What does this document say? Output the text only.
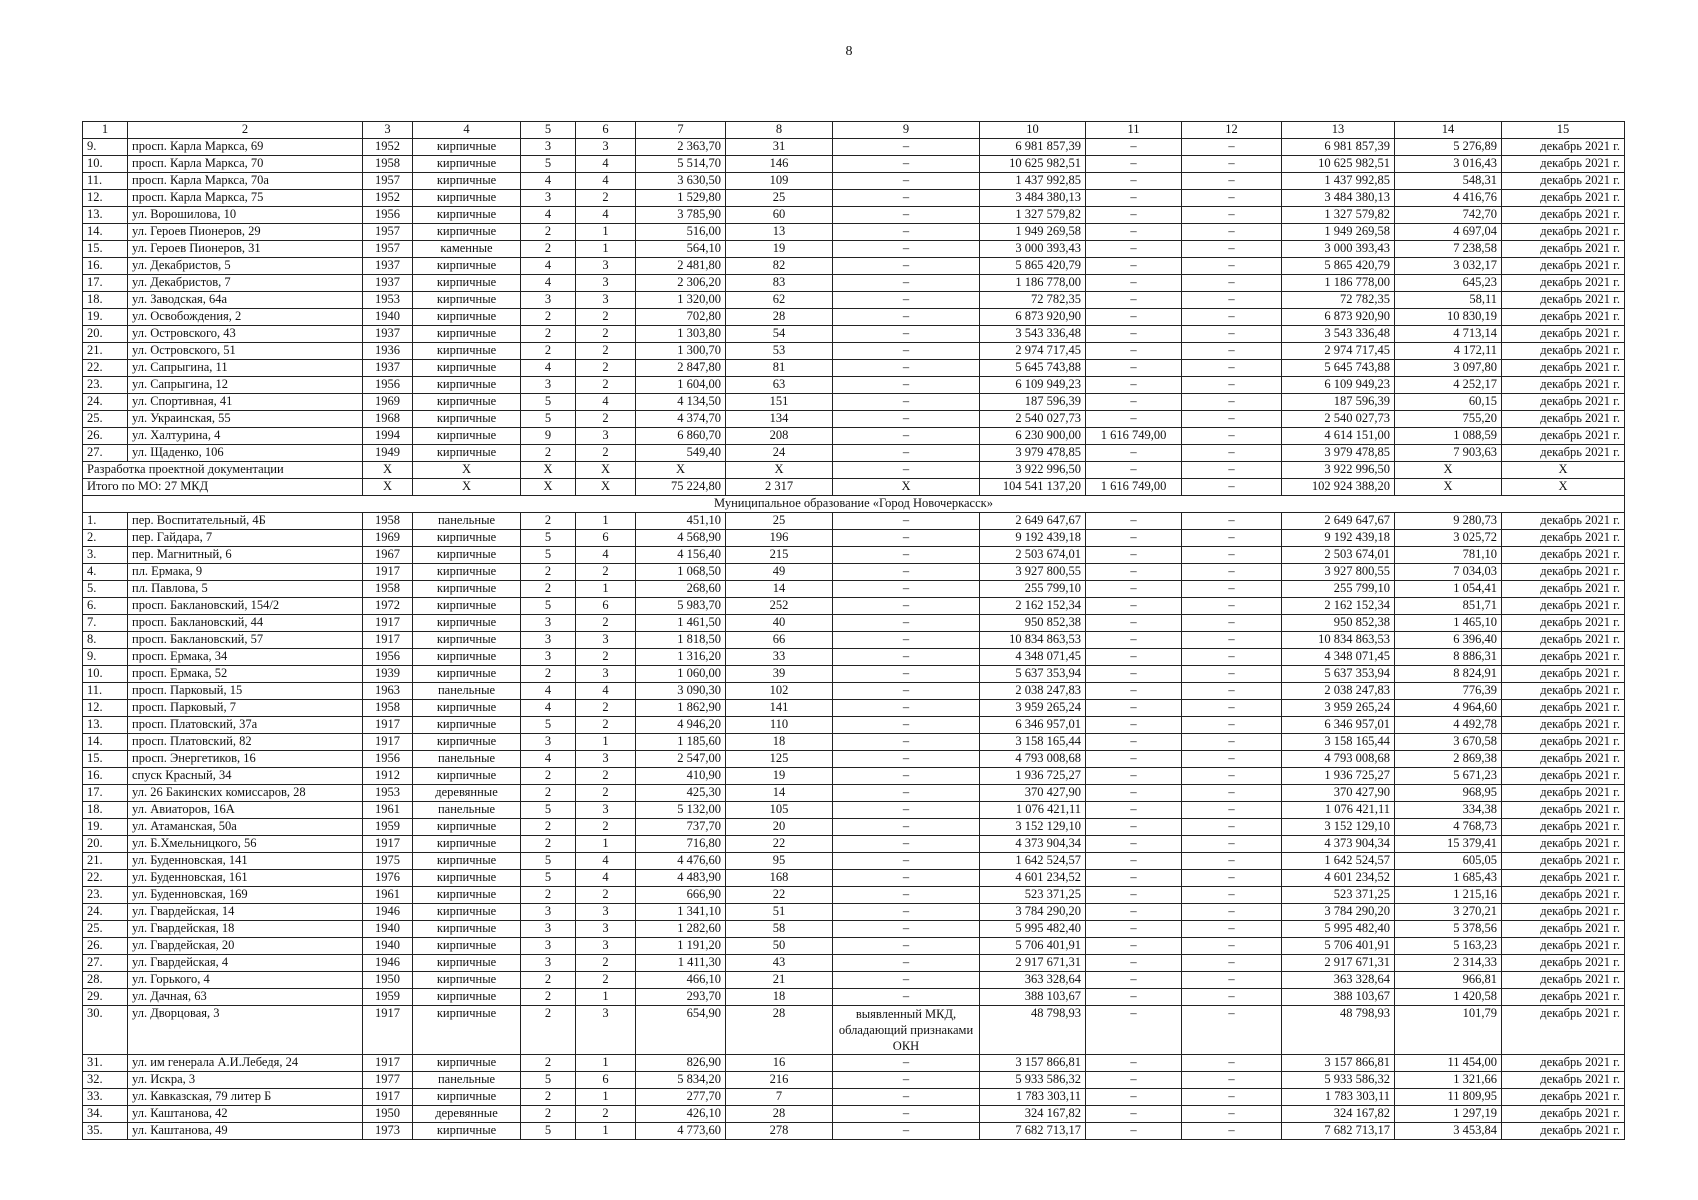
8
1	2	3	4	5	6	7	8	9	10	11	12	13	14	15
9.	просп. Карла Маркса, 69	1952	кирпичные	3	3	2 363,70	31	–	6 981 857,39	–	–	6 981 857,39	5 276,89	декабрь 2021 г.
10.	просп. Карла Маркса, 70	1958	кирпичные	5	4	5 514,70	146	–	10 625 982,51	–	–	10 625 982,51	3 016,43	декабрь 2021 г.
11.	просп. Карла Маркса, 70а	1957	кирпичные	4	4	3 630,50	109	–	1 437 992,85	–	–	1 437 992,85	548,31	декабрь 2021 г.
12.	просп. Карла Маркса, 75	1952	кирпичные	3	2	1 529,80	25	–	3 484 380,13	–	–	3 484 380,13	4 416,76	декабрь 2021 г.
13.	ул. Ворошилова, 10	1956	кирпичные	4	4	3 785,90	60	–	1 327 579,82	–	–	1 327 579,82	742,70	декабрь 2021 г.
14.	ул. Героев Пионеров, 29	1957	кирпичные	2	1	516,00	13	–	1 949 269,58	–	–	1 949 269,58	4 697,04	декабрь 2021 г.
15.	ул. Героев Пионеров, 31	1957	каменные	2	1	564,10	19	–	3 000 393,43	–	–	3 000 393,43	7 238,58	декабрь 2021 г.
16.	ул. Декабристов, 5	1937	кирпичные	4	3	2 481,80	82	–	5 865 420,79	–	–	5 865 420,79	3 032,17	декабрь 2021 г.
17.	ул. Декабристов, 7	1937	кирпичные	4	3	2 306,20	83	–	1 186 778,00	–	–	1 186 778,00	645,23	декабрь 2021 г.
18.	ул. Заводская, 64а	1953	кирпичные	3	3	1 320,00	62	–	72 782,35	–	–	72 782,35	58,11	декабрь 2021 г.
19.	ул. Освобождения, 2	1940	кирпичные	2	2	702,80	28	–	6 873 920,90	–	–	6 873 920,90	10 830,19	декабрь 2021 г.
20.	ул. Островского, 43	1937	кирпичные	2	2	1 303,80	54	–	3 543 336,48	–	–	3 543 336,48	4 713,14	декабрь 2021 г.
21.	ул. Островского, 51	1936	кирпичные	2	2	1 300,70	53	–	2 974 717,45	–	–	2 974 717,45	4 172,11	декабрь 2021 г.
22.	ул. Сапрыгина, 11	1937	кирпичные	4	2	2 847,80	81	–	5 645 743,88	–	–	5 645 743,88	3 097,80	декабрь 2021 г.
23.	ул. Сапрыгина, 12	1956	кирпичные	3	2	1 604,00	63	–	6 109 949,23	–	–	6 109 949,23	4 252,17	декабрь 2021 г.
24.	ул. Спортивная, 41	1969	кирпичные	5	4	4 134,50	151	–	187 596,39	–	–	187 596,39	60,15	декабрь 2021 г.
25.	ул. Украинская, 55	1968	кирпичные	5	2	4 374,70	134	–	2 540 027,73	–	–	2 540 027,73	755,20	декабрь 2021 г.
26.	ул. Халтурина, 4	1994	кирпичные	9	3	6 860,70	208	–	6 230 900,00	1 616 749,00	–	4 614 151,00	1 088,59	декабрь 2021 г.
27.	ул. Щаденко, 106	1949	кирпичные	2	2	549,40	24	–	3 979 478,85	–	–	3 979 478,85	7 903,63	декабрь 2021 г.
Разработка проектной документации		X	X	X	X	X	X	–	3 922 996,50	–	–	3 922 996,50	X	X
Итого по МО: 27 МКД		X	X	X	X	75 224,80	2 317	X	104 541 137,20	1 616 749,00	–	102 924 388,20	X	X
Муниципальное образование «Город Новочеркасск»														
1.	пер. Воспитательный, 4Б	1958	панельные	2	1	451,10	25	–	2 649 647,67	–	–	2 649 647,67	9 280,73	декабрь 2021 г.
2.	пер. Гайдара, 7	1969	кирпичные	5	6	4 568,90	196	–	9 192 439,18	–	–	9 192 439,18	3 025,72	декабрь 2021 г.
3.	пер. Магнитный, 6	1967	кирпичные	5	4	4 156,40	215	–	2 503 674,01	–	–	2 503 674,01	781,10	декабрь 2021 г.
4.	пл. Ермака, 9	1917	кирпичные	2	2	1 068,50	49	–	3 927 800,55	–	–	3 927 800,55	7 034,03	декабрь 2021 г.
5.	пл. Павлова, 5	1958	кирпичные	2	1	268,60	14	–	255 799,10	–	–	255 799,10	1 054,41	декабрь 2021 г.
6.	просп. Баклановский, 154/2	1972	кирпичные	5	6	5 983,70	252	–	2 162 152,34	–	–	2 162 152,34	851,71	декабрь 2021 г.
7.	просп. Баклановский, 44	1917	кирпичные	3	2	1 461,50	40	–	950 852,38	–	–	950 852,38	1 465,10	декабрь 2021 г.
8.	просп. Баклановский, 57	1917	кирпичные	3	3	1 818,50	66	–	10 834 863,53	–	–	10 834 863,53	6 396,40	декабрь 2021 г.
9.	просп. Ермака, 34	1956	кирпичные	3	2	1 316,20	33	–	4 348 071,45	–	–	4 348 071,45	8 886,31	декабрь 2021 г.
10.	просп. Ермака, 52	1939	кирпичные	2	3	1 060,00	39	–	5 637 353,94	–	–	5 637 353,94	8 824,91	декабрь 2021 г.
11.	просп. Парковый, 15	1963	панельные	4	4	3 090,30	102	–	2 038 247,83	–	–	2 038 247,83	776,39	декабрь 2021 г.
12.	просп. Парковый, 7	1958	кирпичные	4	2	1 862,90	141	–	3 959 265,24	–	–	3 959 265,24	4 964,60	декабрь 2021 г.
13.	просп. Платовский, 37а	1917	кирпичные	5	2	4 946,20	110	–	6 346 957,01	–	–	6 346 957,01	4 492,78	декабрь 2021 г.
14.	просп. Платовский, 82	1917	кирпичные	3	1	1 185,60	18	–	3 158 165,44	–	–	3 158 165,44	3 670,58	декабрь 2021 г.
15.	просп. Энергетиков, 16	1956	панельные	4	3	2 547,00	125	–	4 793 008,68	–	–	4 793 008,68	2 869,38	декабрь 2021 г.
16.	спуск Красный, 34	1912	кирпичные	2	2	410,90	19	–	1 936 725,27	–	–	1 936 725,27	5 671,23	декабрь 2021 г.
17.	ул. 26 Бакинских комиссаров, 28	1953	деревянные	2	2	425,30	14	–	370 427,90	–	–	370 427,90	968,95	декабрь 2021 г.
18.	ул. Авиаторов, 16А	1961	панельные	5	3	5 132,00	105	–	1 076 421,11	–	–	1 076 421,11	334,38	декабрь 2021 г.
19.	ул. Атаманская, 50а	1959	кирпичные	2	2	737,70	20	–	3 152 129,10	–	–	3 152 129,10	4 768,73	декабрь 2021 г.
20.	ул. Б.Хмельницкого, 56	1917	кирпичные	2	1	716,80	22	–	4 373 904,34	–	–	4 373 904,34	15 379,41	декабрь 2021 г.
21.	ул. Буденновская, 141	1975	кирпичные	5	4	4 476,60	95	–	1 642 524,57	–	–	1 642 524,57	605,05	декабрь 2021 г.
22.	ул. Буденновская, 161	1976	кирпичные	5	4	4 483,90	168	–	4 601 234,52	–	–	4 601 234,52	1 685,43	декабрь 2021 г.
23.	ул. Буденновская, 169	1961	кирпичные	2	2	666,90	22	–	523 371,25	–	–	523 371,25	1 215,16	декабрь 2021 г.
24.	ул. Гвардейская, 14	1946	кирпичные	3	3	1 341,10	51	–	3 784 290,20	–	–	3 784 290,20	3 270,21	декабрь 2021 г.
25.	ул. Гвардейская, 18	1940	кирпичные	3	3	1 282,60	58	–	5 995 482,40	–	–	5 995 482,40	5 378,56	декабрь 2021 г.
26.	ул. Гвардейская, 20	1940	кирпичные	3	3	1 191,20	50	–	5 706 401,91	–	–	5 706 401,91	5 163,23	декабрь 2021 г.
27.	ул. Гвардейская, 4	1946	кирпичные	3	2	1 411,30	43	–	2 917 671,31	–	–	2 917 671,31	2 314,33	декабрь 2021 г.
28.	ул. Горького, 4	1950	кирпичные	2	2	466,10	21	–	363 328,64	–	–	363 328,64	966,81	декабрь 2021 г.
29.	ул. Дачная, 63	1959	кирпичные	2	1	293,70	18	–	388 103,67	–	–	388 103,67	1 420,58	декабрь 2021 г.
30.	ул. Дворцовая, 3	1917	кирпичные	2	3	654,90	28	выявленный МКД, обладающий признаками ОКН	48 798,93	–	–	48 798,93	101,79	декабрь 2021 г.
31.	ул. им генерала А.И.Лебедя, 24	1917	кирпичные	2	1	826,90	16	–	3 157 866,81	–	–	3 157 866,81	11 454,00	декабрь 2021 г.
32.	ул. Искра, 3	1977	панельные	5	6	5 834,20	216	–	5 933 586,32	–	–	5 933 586,32	1 321,66	декабрь 2021 г.
33.	ул. Кавказская, 79 литер Б	1917	кирпичные	2	1	277,70	7	–	1 783 303,11	–	–	1 783 303,11	11 809,95	декабрь 2021 г.
34.	ул. Каштанова, 42	1950	деревянные	2	2	426,10	28	–	324 167,82	–	–	324 167,82	1 297,19	декабрь 2021 г.
35.	ул. Каштанова, 49	1973	кирпичные	5	1	4 773,60	278	–	7 682 713,17	–	–	7 682 713,17	3 453,84	декабрь 2021 г.
